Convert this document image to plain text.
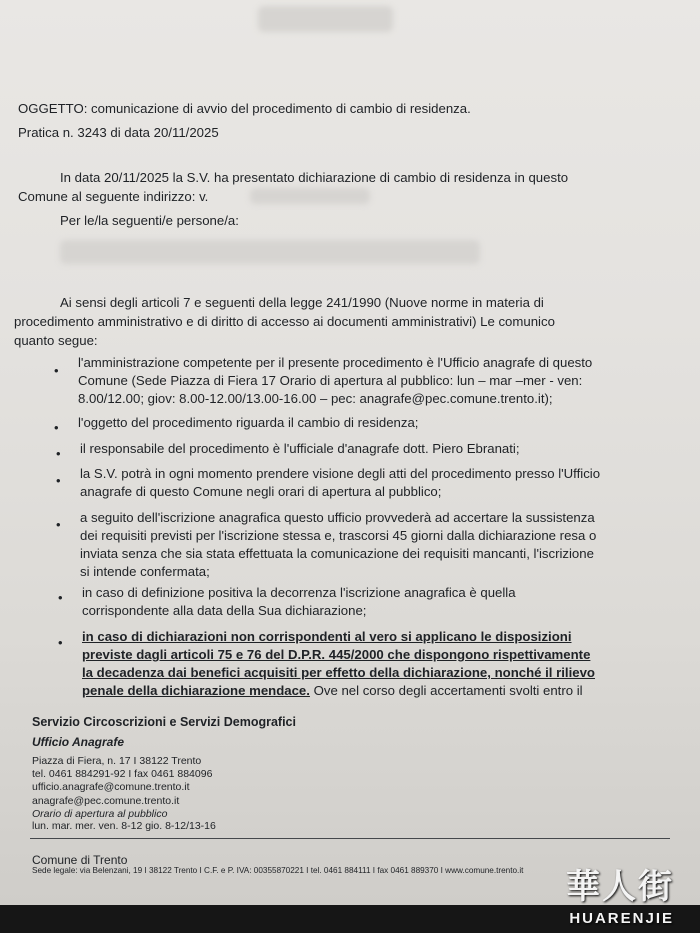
OGGETTO: comunicazione di avvio del procedimento di cambio di residenza.
Pratica n. 3243 di data 20/11/2025
In data 20/11/2025 la S.V. ha presentato dichiarazione di cambio di residenza in questo
Comune al seguente indirizzo: v.
Per le/la seguenti/e persone/a:
Ai sensi degli articoli 7 e seguenti della legge 241/1990 (Nuove norme in materia di
procedimento amministrativo e di diritto di accesso ai documenti amministrativi) Le comunico
quanto segue:
•
l'amministrazione competente per il presente procedimento è l'Ufficio anagrafe di questo
Comune (Sede Piazza di Fiera 17 Orario di apertura al pubblico: lun – mar –mer - ven:
8.00/12.00; giov: 8.00-12.00/13.00-16.00 – pec: anagrafe@pec.comune.trento.it);
• l'oggetto del procedimento riguarda il cambio di residenza;
• il responsabile del procedimento è l'ufficiale d'anagrafe dott. Piero Ebranati;
• la S.V. potrà in ogni momento prendere visione degli atti del procedimento presso l'Ufficio
anagrafe di questo Comune negli orari di apertura al pubblico;
• a seguito dell'iscrizione anagrafica questo ufficio provvederà ad accertare la sussistenza
dei requisiti previsti per l'iscrizione stessa e, trascorsi 45 giorni dalla dichiarazione resa o
inviata senza che sia stata effettuata la comunicazione dei requisiti mancanti, l'iscrizione
si intende confermata;
• in caso di definizione positiva la decorrenza l'iscrizione anagrafica è quella
corrispondente alla data della Sua dichiarazione;
• in caso di dichiarazioni non corrispondenti al vero si applicano le disposizioni
previste dagli articoli 75 e 76 del D.P.R. 445/2000 che dispongono rispettivamente
la decadenza dai benefici acquisiti per effetto della dichiarazione, nonché il rilievo
penale della dichiarazione mendace. Ove nel corso degli accertamenti svolti entro il
Servizio Circoscrizioni e Servizi Demografici
Ufficio Anagrafe
Piazza di Fiera, n. 17 I 38122 Trento
tel. 0461 884291-92 I fax 0461 884096
ufficio.anagrafe@comune.trento.it
anagrafe@pec.comune.trento.it
Orario di apertura al pubblico
lun. mar. mer. ven. 8-12 gio. 8-12/13-16
Comune di Trento
Sede legale: via Belenzani, 19 I 38122 Trento I C.F. e P. IVA: 00355870221 I tel. 0461 884111 I fax 0461 889370 I www.comune.trento.it 華人街
HUARENJIE
